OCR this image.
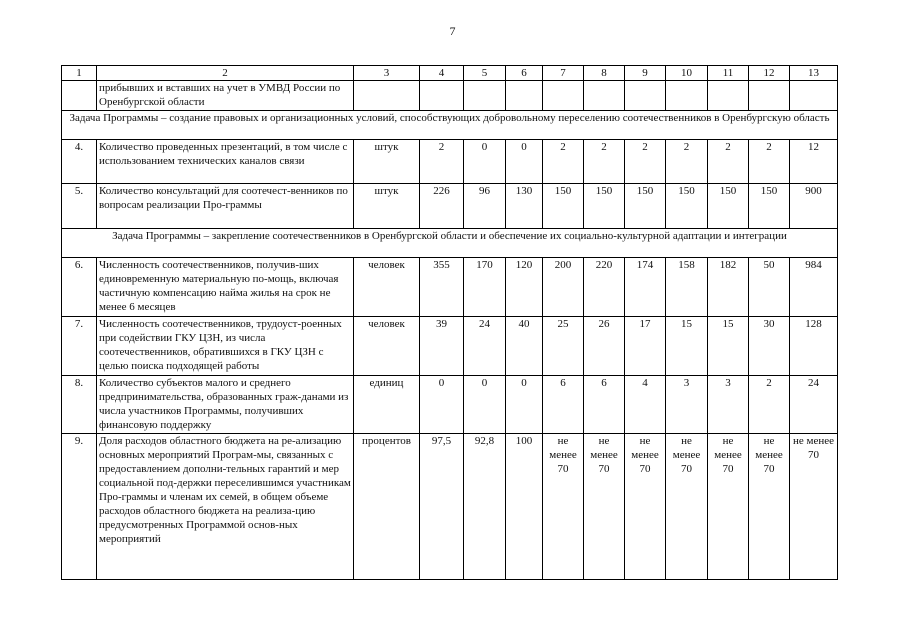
7
1	2	3	4	5	6	7	8	9	10	11	12	13
	прибывших и вставших на учет в УМВД России по Оренбургской области											
Задача Программы – создание правовых и организационных условий, способствующих добровольному переселению соотечественников в Оренбургскую область												
4.	Количество проведенных презентаций, в том числе с использованием технических каналов связи	штук	2	0	0	2	2	2	2	2	2	12
5.	Количество консультаций для соотечест-венников по вопросам реализации Про-граммы	штук	226	96	130	150	150	150	150	150	150	900
Задача Программы – закрепление соотечественников в Оренбургской области и обеспечение их социально-культурной адаптации и интеграции												
6.	Численность соотечественников, получив-ших единовременную материальную по-мощь, включая частичную компенсацию найма жилья на срок не менее 6 месяцев	человек	355	170	120	200	220	174	158	182	50	984
7.	Численность соотечественников, трудоуст-роенных при содействии ГКУ ЦЗН, из числа соотечественников, обратившихся в ГКУ ЦЗН с целью поиска подходящей работы	человек	39	24	40	25	26	17	15	15	30	128
8.	Количество субъектов малого и среднего предпринимательства, образованных граж-данами из числа участников Программы, получивших финансовую поддержку	единиц	0	0	0	6	6	4	3	3	2	24
9.	Доля расходов областного бюджета на ре-ализацию основных мероприятий Програм-мы, связанных с предоставлением дополни-тельных гарантий и мер социальной под-держки переселившимся участникам Про-граммы и членам их семей, в общем объеме расходов областного бюджета на реализа-цию предусмотренных Программой основ-ных мероприятий	процентов	97,5	92,8	100	не менее 70	не менее 70	не менее 70	не менее 70	не менее 70	не менее 70	не менее 70
